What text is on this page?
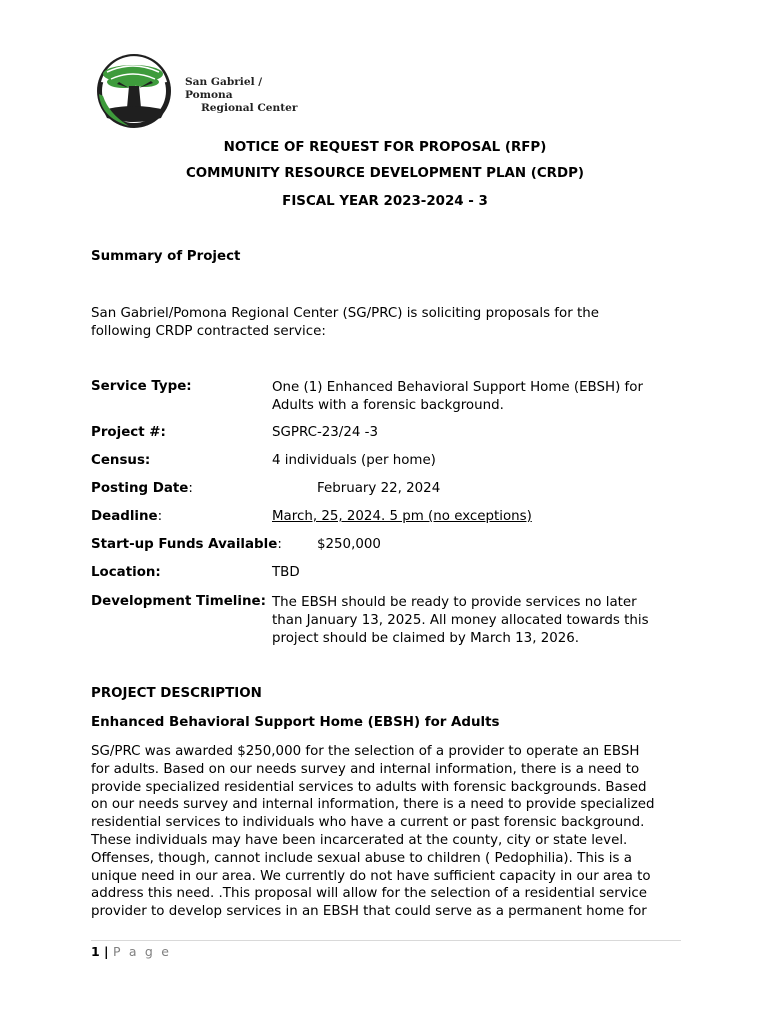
San Gabriel / Pomona
Regional Center
NOTICE OF REQUEST FOR PROPOSAL (RFP)
COMMUNITY RESOURCE DEVELOPMENT PLAN (CRDP)
FISCAL YEAR 2023-2024 - 3
Summary of Project
San Gabriel/Pomona Regional Center (SG/PRC) is soliciting proposals for the
following CRDP contracted service:
Service Type:	One (1) Enhanced Behavioral Support Home (EBSH) for
Adults with a forensic background.
Project #:	SGPRC-23/24 -3
Census:	4 individuals (per home)
Posting Date:	February 22, 2024
Deadline:	March, 25, 2024. 5 pm (no exceptions)
Start-up Funds Available:	$250,000
Location:	TBD
Development Timeline: The EBSH should be ready to provide services no later
than January 13, 2025. All money allocated towards this
project should be claimed by March 13, 2026.
PROJECT DESCRIPTION
Enhanced Behavioral Support Home (EBSH) for Adults
SG/PRC was awarded $250,000 for the selection of a provider to operate an EBSH
for adults. Based on our needs survey and internal information, there is a need to
provide specialized residential services to adults with forensic backgrounds. Based
on our needs survey and internal information, there is a need to provide specialized
residential services to individuals who have a current or past forensic background.
These individuals may have been incarcerated at the county, city or state level.
Offenses, though, cannot include sexual abuse to children ( Pedophilia). This is a
unique need in our area. We currently do not have sufficient capacity in our area to
address this need. .This proposal will allow for the selection of a residential service
provider to develop services in an EBSH that could serve as a permanent home for
1 | P a g e
